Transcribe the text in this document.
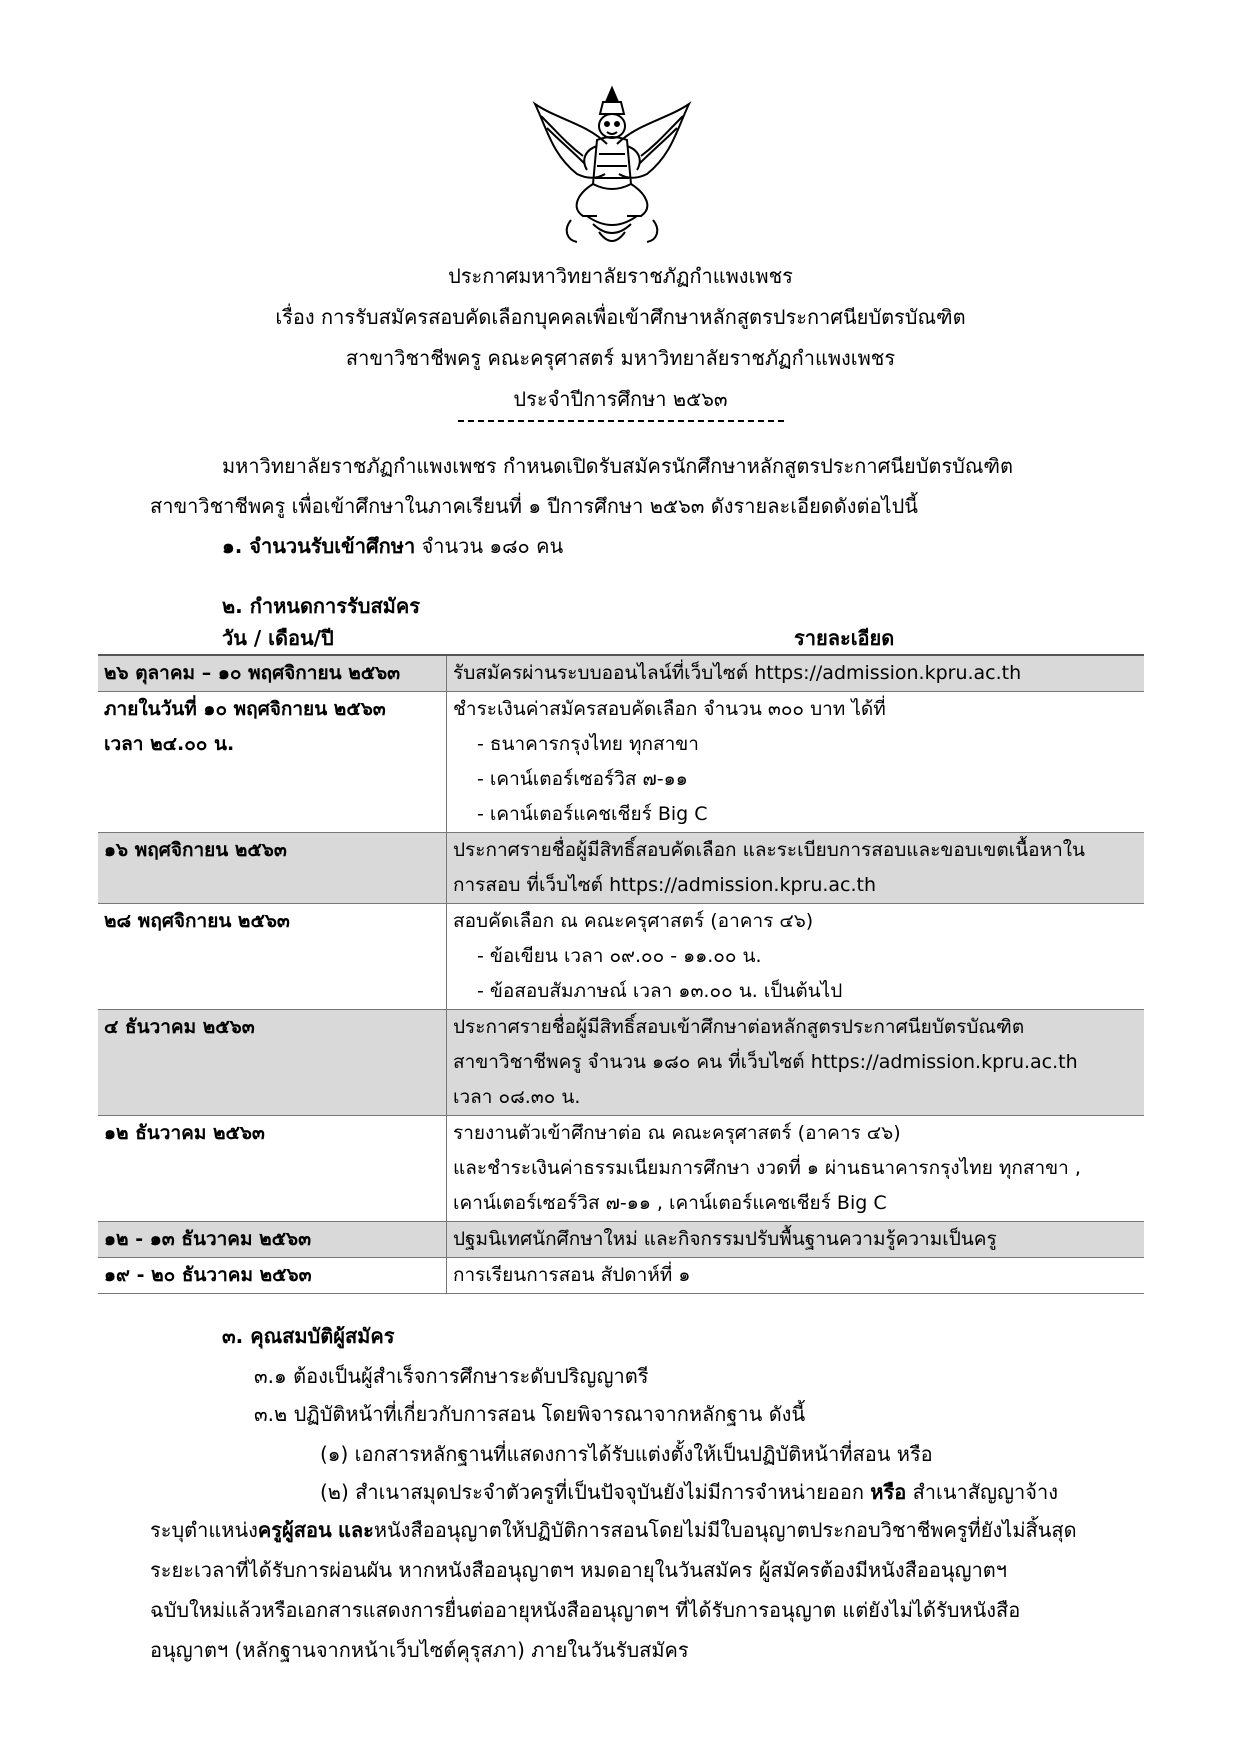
ประกาศมหาวิทยาลัยราชภัฏกำแพงเพชร
เรื่อง การรับสมัครสอบคัดเลือกบุคคลเพื่อเข้าศึกษาหลักสูตรประกาศนียบัตรบัณฑิต
สาขาวิชาชีพครู คณะครุศาสตร์ มหาวิทยาลัยราชภัฏกำแพงเพชร
ประจำปีการศึกษา ๒๕๖๓
มหาวิทยาลัยราชภัฏกำแพงเพชร กำหนดเปิดรับสมัครนักศึกษาหลักสูตรประกาศนียบัตรบัณฑิต
สาขาวิชาชีพครู เพื่อเข้าศึกษาในภาคเรียนที่ ๑ ปีการศึกษา ๒๕๖๓ ดังรายละเอียดดังต่อไปนี้
๑. จำนวนรับเข้าศึกษา จำนวน ๑๘๐ คน
๒. กำหนดการรับสมัคร
วัน / เดือน/ปี	รายละเอียด
๒๖ ตุลาคม – ๑๐ พฤศจิกายน ๒๕๖๓	รับสมัครผ่านระบบออนไลน์ที่เว็บไซต์ https://admission.kpru.ac.th

ภายในวันที่ ๑๐ พฤศจิกายน ๒๕๖๓
เวลา ๒๔.๐๐ น.	ชำระเงินค่าสมัครสอบคัดเลือก จำนวน ๓๐๐ บาท ได้ที่
- ธนาคารกรุงไทย ทุกสาขา
- เคาน์เตอร์เซอร์วิส ๗-๑๑
- เคาน์เตอร์แคชเชียร์ Big C

๑๖ พฤศจิกายน ๒๕๖๓	ประกาศรายชื่อผู้มีสิทธิ์สอบคัดเลือก และระเบียบการสอบและขอบเขตเนื้อหาใน
การสอบ ที่เว็บไซต์ https://admission.kpru.ac.th

๒๘ พฤศจิกายน ๒๕๖๓	สอบคัดเลือก ณ คณะครุศาสตร์ (อาคาร ๔๖)
- ข้อเขียน เวลา ๐๙.๐๐ - ๑๑.๐๐ น.
- ข้อสอบสัมภาษณ์ เวลา ๑๓.๐๐ น. เป็นต้นไป

๔ ธันวาคม ๒๕๖๓	ประกาศรายชื่อผู้มีสิทธิ์สอบเข้าศึกษาต่อหลักสูตรประกาศนียบัตรบัณฑิต
สาขาวิชาชีพครู จำนวน ๑๘๐ คน ที่เว็บไซต์ https://admission.kpru.ac.th
เวลา ๐๘.๓๐ น.

๑๒ ธันวาคม ๒๕๖๓	รายงานตัวเข้าศึกษาต่อ ณ คณะครุศาสตร์ (อาคาร ๔๖)
และชำระเงินค่าธรรมเนียมการศึกษา งวดที่ ๑ ผ่านธนาคารกรุงไทย ทุกสาขา ,
เคาน์เตอร์เซอร์วิส ๗-๑๑ , เคาน์เตอร์แคชเชียร์ Big C

๑๒ - ๑๓ ธันวาคม ๒๕๖๓	ปฐมนิเทศนักศึกษาใหม่ และกิจกรรมปรับพื้นฐานความรู้ความเป็นครู

๑๙ - ๒๐ ธันวาคม ๒๕๖๓	การเรียนการสอน สัปดาห์ที่ ๑
๓. คุณสมบัติผู้สมัคร
๓.๑ ต้องเป็นผู้สำเร็จการศึกษาระดับปริญญาตรี
๓.๒ ปฏิบัติหน้าที่เกี่ยวกับการสอน โดยพิจารณาจากหลักฐาน ดังนี้
(๑) เอกสารหลักฐานที่แสดงการได้รับแต่งตั้งให้เป็นปฏิบัติหน้าที่สอน หรือ
(๒) สำเนาสมุดประจำตัวครูที่เป็นปัจจุบันยังไม่มีการจำหน่ายออก หรือ สำเนาสัญญาจ้าง
ระบุตำแหน่งครูผู้สอน และหนังสืออนุญาตให้ปฏิบัติการสอนโดยไม่มีใบอนุญาตประกอบวิชาชีพครูที่ยังไม่สิ้นสุด
ระยะเวลาที่ได้รับการผ่อนผัน หากหนังสืออนุญาตฯ หมดอายุในวันสมัคร ผู้สมัครต้องมีหนังสืออนุญาตฯ
ฉบับใหม่แล้วหรือเอกสารแสดงการยื่นต่ออายุหนังสืออนุญาตฯ ที่ได้รับการอนุญาต แต่ยังไม่ได้รับหนังสือ
อนุญาตฯ (หลักฐานจากหน้าเว็บไซต์คุรุสภา) ภายในวันรับสมัคร
